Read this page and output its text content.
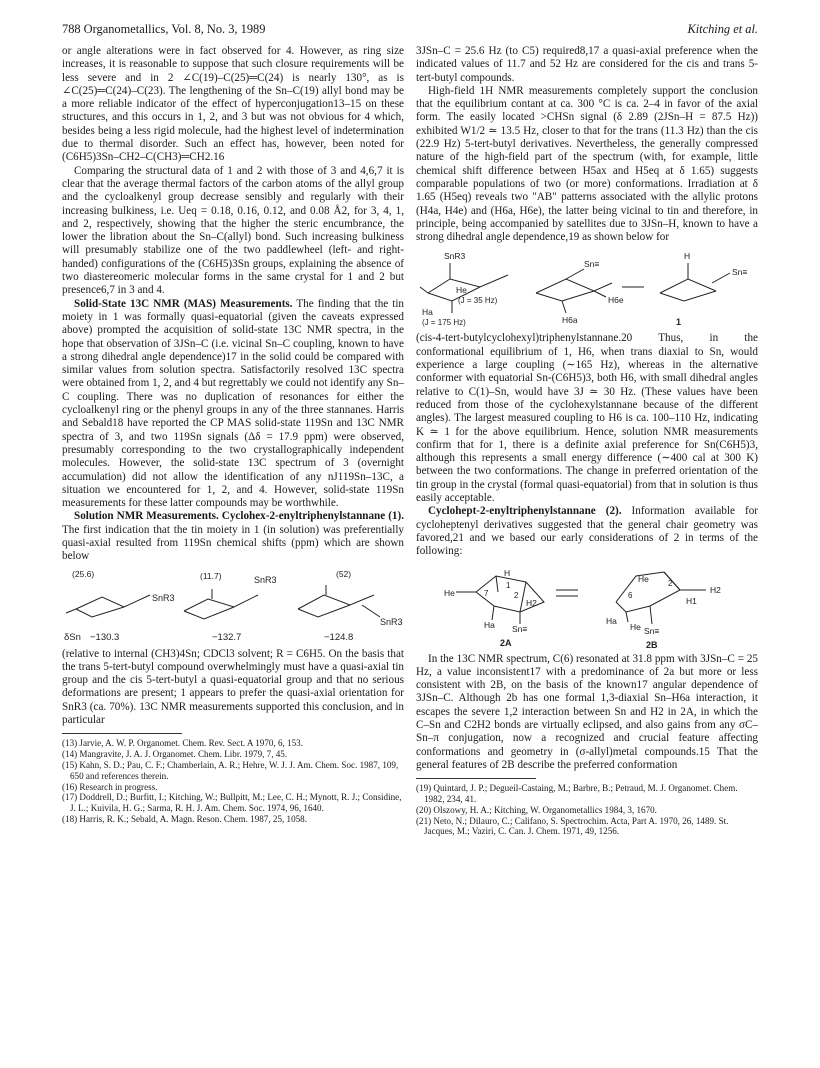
788 Organometallics, Vol. 8, No. 3, 1989	Kitching et al.

or angle alterations were in fact observed for 4. However, as ring size increases, it is reasonable to suppose that such closure requirements will be less severe and in 2 ∠C(19)–C(25)═C(24) is nearly 130°, as is ∠C(25)═C(24)–C(23). The lengthening of the Sn–C(19) allyl bond may be a more reliable indicator of the effect of hyperconjugation13–15 on these structures, and this occurs in 1, 2, and 3 but was not obvious for 4 which, besides being a less rigid molecule, had the highest level of indetermination due to thermal disorder. Such an effect has, however, been noted for (C6H5)3Sn–CH2–C(CH3)═CH2.16

Comparing the structural data of 1 and 2 with those of 3 and 4,6,7 it is clear that the average thermal factors of the carbon atoms of the allyl group and the cycloalkenyl group decrease sensibly and regularly with their increasing bulkiness, i.e. Ueq = 0.18, 0.16, 0.12, and 0.08 Å2, for 3, 4, 1, and 2, respectively, showing that the higher the steric encumbrance, the lower the libration about the Sn–C(allyl) bond. Such increasing bulkiness will presumably stabilize one of the two paddlewheel (left- and right-handed) configurations of the (C6H5)3Sn groups, explaining the absence of two diastereomeric molecular forms in the same crystal for 1 and 2 but presence6,7 in 3 and 4.

Solid-State 13C NMR (MAS) Measurements. The finding that the tin moiety in 1 was formally quasi-equatorial (given the caveats expressed above) prompted the acquisition of solid-state 13C NMR spectra, in the hope that observation of 3JSn–C (i.e. vicinal Sn–C coupling, known to have a strong dihedral angle dependence)17 in the solid could be compared with similar values from solution spectra. Satisfactorily resolved 13C spectra were obtained from 1, 2, and 4 but regrettably we could not identify any Sn–C coupling. There was no duplication of resonances for either the cycloalkenyl ring or the phenyl groups in any of the three stannanes. Harris and Sebald18 have reported the CP MAS solid-state 119Sn and 13C NMR spectra of 3, and two 119Sn signals (Δδ = 17.9 ppm) were observed, presumably corresponding to the two crystallographically independent molecules. However, the solid-state 13C spectrum of 3 (overnight accumulation) did not allow the identification of any nJ119Sn–13C, a situation we encountered for 1, 2, and 4. However, solid-state 119Sn measurements for these latter compounds may be worthwhile.

Solution NMR Measurements. Cyclohex-2-enyltriphenylstannane (1). The first indication that the tin moiety in 1 (in solution) was preferentially quasi-axial resulted from 119Sn chemical shifts (ppm) which are shown below

(25.6)	(11.7)	(52)
SnR3
SnR3
SnR3
δSn −130.3	−132.7	−124.8

(relative to internal (CH3)4Sn; CDCl3 solvent; R = C6H5. On the basis that the trans 5-tert-butyl compound overwhelmingly must have a quasi-axial tin group and the cis 5-tert-butyl a quasi-equatorial group and that no serious deformations are present; 1 appears to prefer the quasi-axial orientation for SnR3 (ca. 70%). 13C NMR measurements supported this conclusion, and in particular

(13) Jarvie, A. W. P. Organomet. Chem. Rev. Sect. A 1970, 6, 153.
(14) Mangravite, J. A. J. Organomet. Chem. Libr. 1979, 7, 45.
(15) Kahn, S. D.; Pau, C. F.; Chamberlain, A. R.; Hehre, W. J. J. Am. Chem. Soc. 1987, 109, 650 and references therein.
(16) Research in progress.
(17) Doddrell, D.; Burfitt, I.; Kitching, W.; Bullpitt, M.; Lee, C. H.; Mynott, R. J.; Considine, J. L.; Kuivila, H. G.; Sarma, R. H. J. Am. Chem. Soc. 1974, 96, 1640.
(18) Harris, R. K.; Sebald, A. Magn. Reson. Chem. 1987, 25, 1058.

3JSn–C = 25.6 Hz (to C5) required8,17 a quasi-axial preference when the indicated values of 11.7 and 52 Hz are considered for the cis and trans 5-tert-butyl compounds.

High-field 1H NMR measurements completely support the conclusion that the equilibrium contant at ca. 300 °C is ca. 2–4 in favor of the axial form. The easily located >CHSn signal (δ 2.89 (2JSn–H = 87.5 Hz)) exhibited W1/2 ≃ 13.5 Hz, closer to that for the trans (11.3 Hz) than the cis (22.9 Hz) 5-tert-butyl derivatives. Nevertheless, the generally compressed nature of the high-field part of the spectrum (with, for example, little chemical shift difference between H5ax and H5eq at δ 1.65) suggests comparable populations of two (or more) conformations. Irradiation at δ 1.65 (H5eq) reveals two "AB" patterns associated with the allylic protons (H4a, H4e) and (H6a, H6e), the latter being vicinal to tin and therefore, in principle, being accompanied by satellites due to 3JSn–H, known to have a strong dihedral angle dependence,19 as shown below for

SnR3
Sn≡
H
Sn≡
He
(J = 35 Hz)
Ha
(J = 175 Hz)
H6e
H6a	1

(cis-4-tert-butylcyclohexyl)triphenylstannane.20 Thus, in the conformational equilibrium of 1, H6, when trans diaxial to Sn, would experience a large coupling (∼165 Hz), whereas in the alternative conformer with equatorial Sn-(C6H5)3, both H6, with small dihedral angles relative to C(1)–Sn, would have 3J ≃ 30 Hz. (These values have been reduced from those of the cyclohexylstannane because of the different angles). The largest measured coupling to H6 is ca. 100–110 Hz, indicating K ≃ 1 for the above equilibrium. Hence, solution NMR measurements confirm that for 1, there is a definite axial preference for Sn(C6H5)3, although this represents a small energy difference (∼400 cal at 300 K) between the two conformations. The change in preferred orientation of the tin group in the crystal (formal quasi-equatorial) from that in solution is thus easily acceptable.

Cyclohept-2-enyltriphenylstannane (2). Information available for cycloheptenyl derivatives suggested that the general chair geometry was favored,21 and we based our early considerations of 2 in terms of the following:

He
H
7
1
2
H2
Ha Sn≡
2A
He 2
H2
H1
6
Ha
He Sn≡
2B

In the 13C NMR spectrum, C(6) resonated at 31.8 ppm with 3JSn–C = 25 Hz, a value inconsistent17 with a predominance of 2a but more or less consistent with 2B, on the basis of the known17 angular dependence of 3JSn–C. Although 2b has one formal 1,3-diaxial Sn–H6a interaction, it escapes the severe 1,2 interaction between Sn and H2 in 2A, in which the C–Sn and C2H2 bonds are virtually eclipsed, and also gains from any σC–Sn–π conjugation, now a recognized and crucial feature affecting conformations and geometry in (σ-allyl)metal compounds.15 That the general features of 2B describe the preferred conformation

(19) Quintard, J. P.; Degueil-Castaing, M.; Barbre, B.; Petraud, M. J. Organomet. Chem. 1982, 234, 41.
(20) Olszowy, H. A.; Kitching, W. Organometallics 1984, 3, 1670.
(21) Neto, N.; Dilauro, C.; Califano, S. Spectrochim. Acta, Part A. 1970, 26, 1489. St. Jacques, M.; Vaziri, C. Can. J. Chem. 1971, 49, 1256.
